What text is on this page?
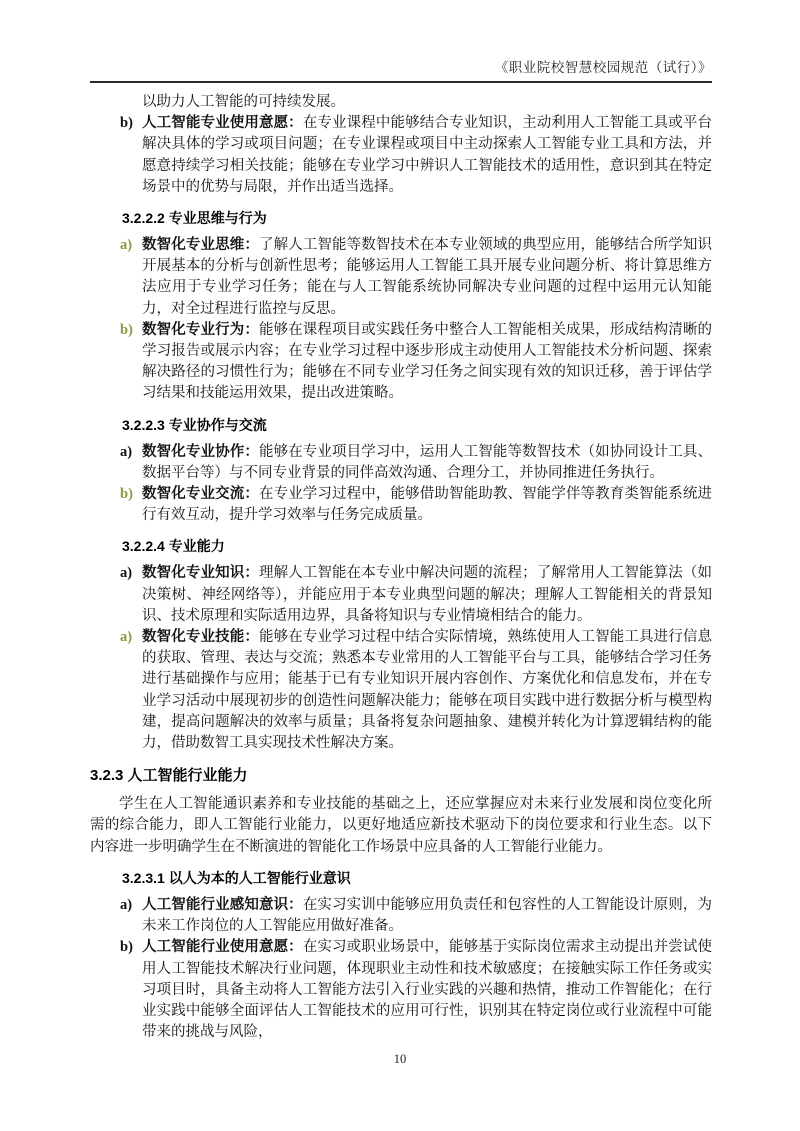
《职业院校智慧校园规范（试行）》
以助力人工智能的可持续发展。
b) 人工智能专业使用意愿：在专业课程中能够结合专业知识，主动利用人工智能工具或平台解决具体的学习或项目问题；在专业课程或项目中主动探索人工智能专业工具和方法，并愿意持续学习相关技能；能够在专业学习中辨识人工智能技术的适用性，意识到其在特定场景中的优势与局限，并作出适当选择。
3.2.2.2 专业思维与行为
a) 数智化专业思维：了解人工智能等数智技术在本专业领域的典型应用，能够结合所学知识开展基本的分析与创新性思考；能够运用人工智能工具开展专业问题分析、将计算思维方法应用于专业学习任务；能在与人工智能系统协同解决专业问题的过程中运用元认知能力，对全过程进行监控与反思。
b) 数智化专业行为：能够在课程项目或实践任务中整合人工智能相关成果，形成结构清晰的学习报告或展示内容；在专业学习过程中逐步形成主动使用人工智能技术分析问题、探索解决路径的习惯性行为；能够在不同专业学习任务之间实现有效的知识迁移，善于评估学习结果和技能运用效果，提出改进策略。
3.2.2.3 专业协作与交流
a) 数智化专业协作：能够在专业项目学习中，运用人工智能等数智技术（如协同设计工具、数据平台等）与不同专业背景的同伴高效沟通、合理分工，并协同推进任务执行。
b) 数智化专业交流：在专业学习过程中，能够借助智能助教、智能学伴等教育类智能系统进行有效互动，提升学习效率与任务完成质量。
3.2.2.4 专业能力
a) 数智化专业知识：理解人工智能在本专业中解决问题的流程；了解常用人工智能算法（如决策树、神经网络等），并能应用于本专业典型问题的解决；理解人工智能相关的背景知识、技术原理和实际适用边界，具备将知识与专业情境相结合的能力。
a) 数智化专业技能：能够在专业学习过程中结合实际情境，熟练使用人工智能工具进行信息的获取、管理、表达与交流；熟悉本专业常用的人工智能平台与工具，能够结合学习任务进行基础操作与应用；能基于已有专业知识开展内容创作、方案优化和信息发布，并在专业学习活动中展现初步的创造性问题解决能力；能够在项目实践中进行数据分析与模型构建，提高问题解决的效率与质量；具备将复杂问题抽象、建模并转化为计算逻辑结构的能力，借助数智工具实现技术性解决方案。
3.2.3 人工智能行业能力
学生在人工智能通识素养和专业技能的基础之上，还应掌握应对未来行业发展和岗位变化所需的综合能力，即人工智能行业能力，以更好地适应新技术驱动下的岗位要求和行业生态。以下内容进一步明确学生在不断演进的智能化工作场景中应具备的人工智能行业能力。
3.2.3.1 以人为本的人工智能行业意识
a) 人工智能行业感知意识：在实习实训中能够应用负责任和包容性的人工智能设计原则，为未来工作岗位的人工智能应用做好准备。
b) 人工智能行业使用意愿：在实习或职业场景中，能够基于实际岗位需求主动提出并尝试使用人工智能技术解决行业问题，体现职业主动性和技术敏感度；在接触实际工作任务或实习项目时，具备主动将人工智能方法引入行业实践的兴趣和热情，推动工作智能化；在行业实践中能够全面评估人工智能技术的应用可行性，识别其在特定岗位或行业流程中可能带来的挑战与风险，
10
